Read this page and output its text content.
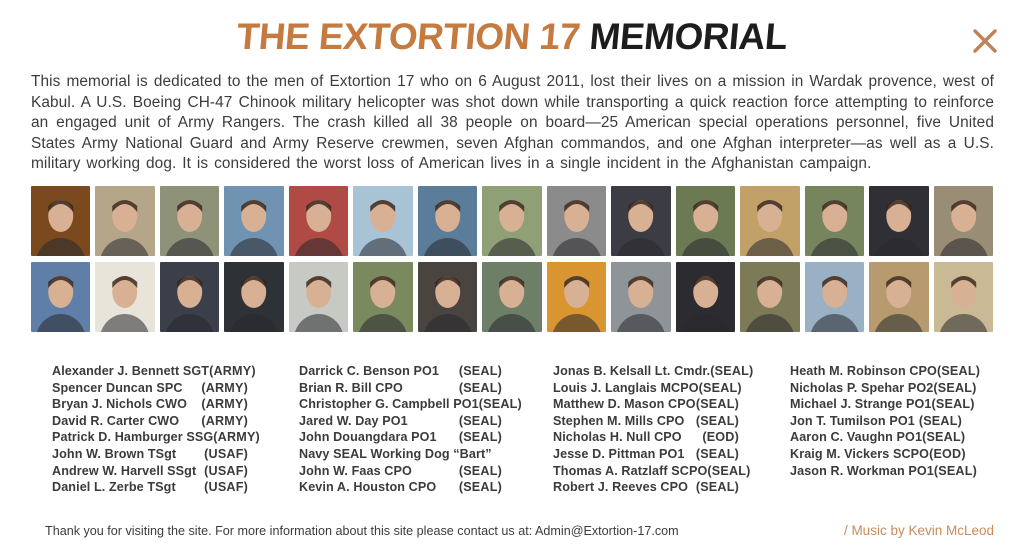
THE EXTORTION 17 MEMORIAL

This memorial is dedicated to the men of Extortion 17 who on 6 August 2011, lost their lives on a mission in Wardak provence, west of Kabul. A U.S. Boeing CH-47 Chinook military helicopter was shot down while transporting a quick reaction force attempting to reinforce an engaged unit of Army Rangers. The crash killed all 38 people on board—25 American special operations personnel, five United States Army National Guard and Army Reserve crewmen, seven Afghan commandos, and one Afghan interpreter—as well as a U.S. military working dog. It is considered the worst loss of American lives in a single incident in the Afghanistan campaign.

Alexander J. Bennett SGT (ARMY)
Spencer Duncan SPC (ARMY)
Bryan J. Nichols CWO (ARMY)
David R. Carter CWO (ARMY)
Patrick D. Hamburger SSG (ARMY)
John W. Brown TSgt (USAF)
Andrew W. Harvell SSgt (USAF)
Daniel L. Zerbe TSgt (USAF)
Darrick C. Benson PO1 (SEAL)
Brian R. Bill CPO	(SEAL)
Christopher G. Campbell PO1 (SEAL)
Jared W. Day PO1	(SEAL)
John Douangdara PO1 (SEAL)
Navy SEAL Working Dog “Bart”
John W. Faas CPO	(SEAL)
Kevin A. Houston CPO (SEAL)
Jonas B. Kelsall Lt. Cmdr. (SEAL)
Louis J. Langlais MCPO (SEAL)
Matthew D. Mason CPO (SEAL)
Stephen M. Mills CPO (SEAL)
Nicholas H. Null CPO (EOD)
Jesse D. Pittman PO1 (SEAL)
Thomas A. Ratzlaff SCPO (SEAL)
Robert J. Reeves CPO (SEAL)
Heath M. Robinson CPO (SEAL)
Nicholas P. Spehar PO2 (SEAL)
Michael J. Strange PO1 (SEAL)
Jon T. Tumilson PO1 (SEAL)
Aaron C. Vaughn PO1 (SEAL)
Kraig M. Vickers SCPO (EOD)
Jason R. Workman PO1 (SEAL)
Thank you for visiting the site. For more information about this site please contact us at: Admin@Extortion-17.com	/ Music by Kevin McLeod
